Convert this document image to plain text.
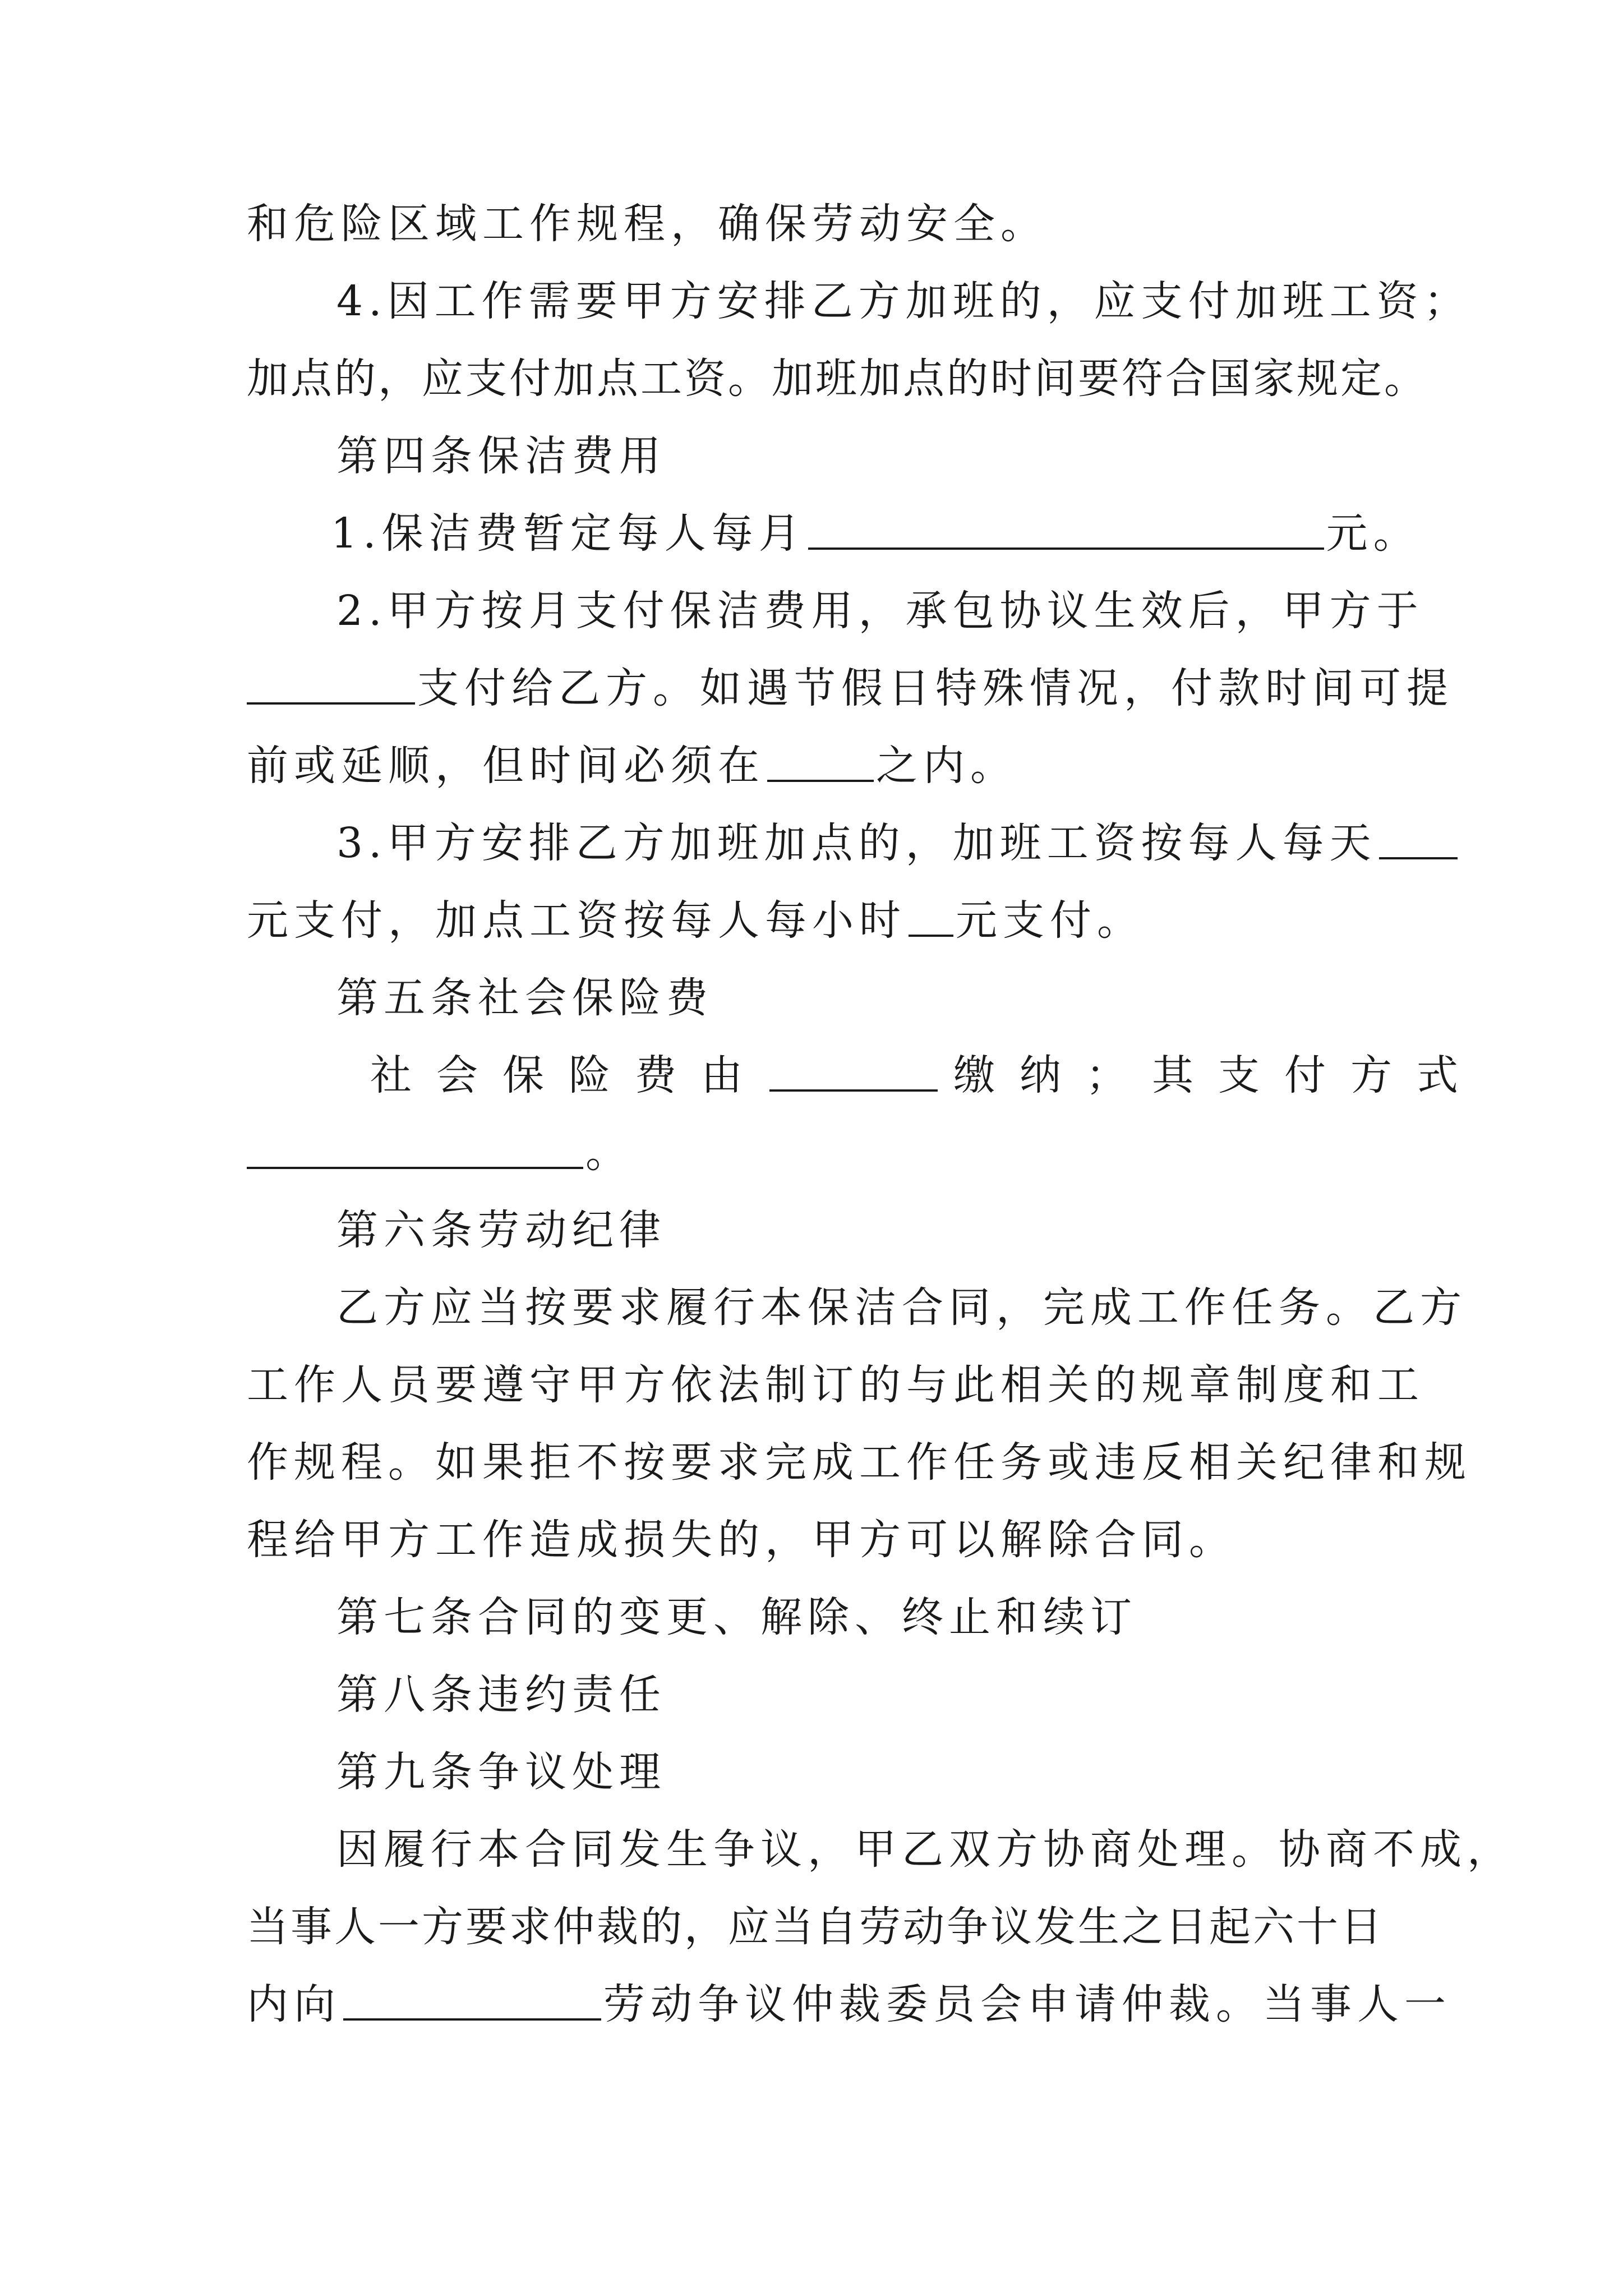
和危险区域工作规程，确保劳动安全。
4.因工作需要甲方安排乙方加班的，应支付加班工资；
加点的，应支付加点工资。加班加点的时间要符合国家规定。
第四条保洁费用
1.保洁费暂定每人每月	元。
2.甲方按月支付保洁费用，承包协议生效后，甲方于
支付给乙方。如遇节假日特殊情况，付款时间可提
前或延顺，但时间必须在	之内。
3.甲方安排乙方加班加点的，加班工资按每人每天
元支付，加点工资按每人每小时 元支付。
第五条社会保险费
社会保险费由	缴纳；其支付方式
。
第六条劳动纪律
乙方应当按要求履行本保洁合同，完成工作任务。乙方
工作人员要遵守甲方依法制订的与此相关的规章制度和工
作规程。如果拒不按要求完成工作任务或违反相关纪律和规
程给甲方工作造成损失的，甲方可以解除合同。
第七条合同的变更、解除、终止和续订
第八条违约责任
第九条争议处理
因履行本合同发生争议，甲乙双方协商处理。协商不成，
当事人一方要求仲裁的，应当自劳动争议发生之日起六十日
内向	劳动争议仲裁委员会申请仲裁。当事人一
